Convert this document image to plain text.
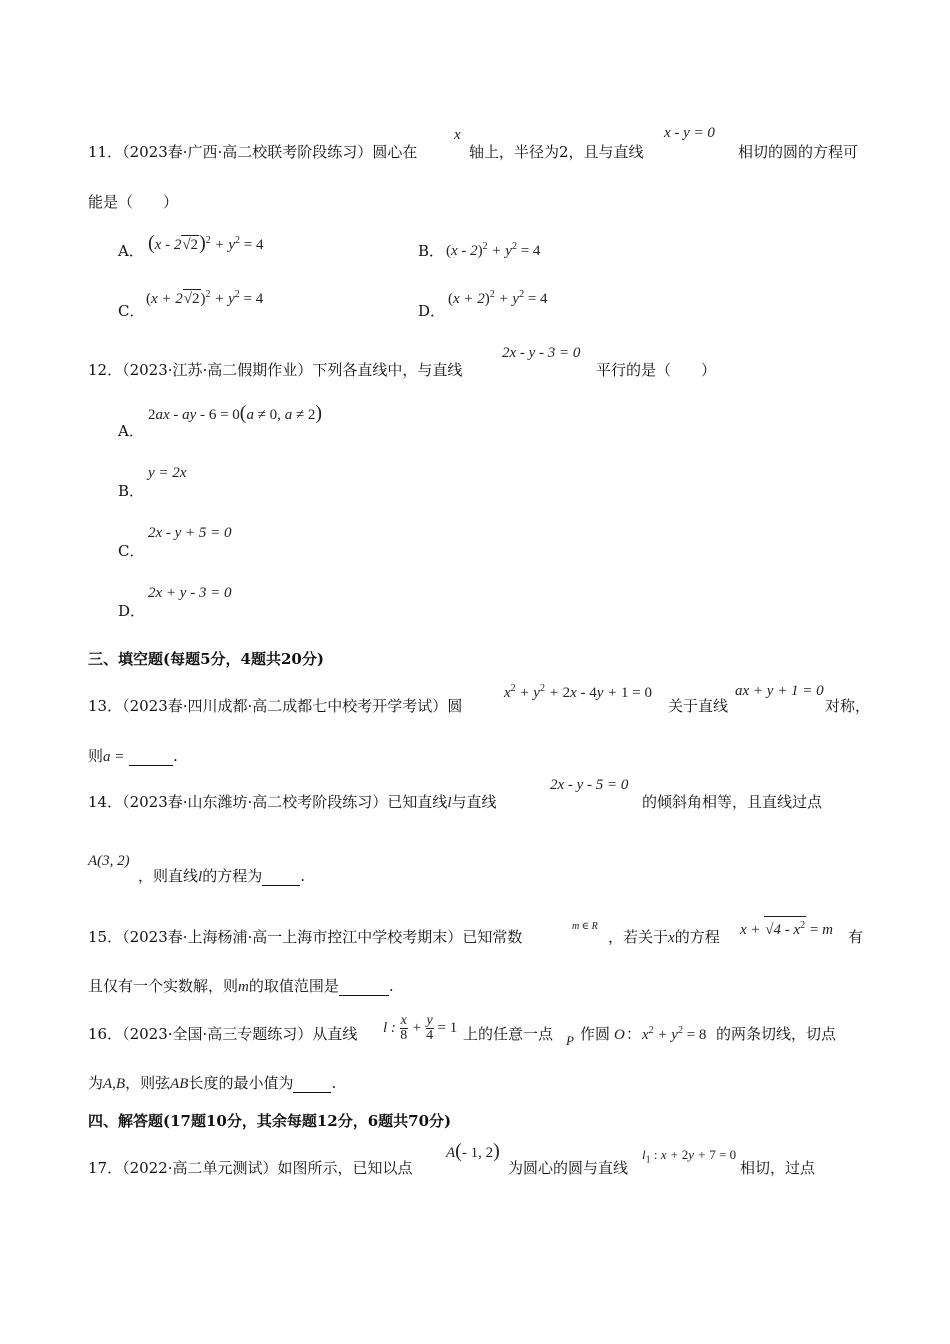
11．（2023春·广西·高二校联考阶段练习）圆心在
x
轴上，半径为2，且与直线
x - y = 0
相切的圆的方程可
能是（　　）
A． $(x - 2√2)^2 + y^2 = 4$	B． $(x - 2)^2 + y^2 = 4$
C．
$(x + 2√2)^2 + y^2 = 4$
D．
$(x + 2)^2 + y^2 = 4$
12．（2023·江苏·高二假期作业）下列各直线中，与直线
2x - y - 3 = 0
平行的是（　　）
A．
2ax - ay - 6 = 0(a ≠ 0, a ≠ 2)
B．
y = 2x
C．
2x - y + 5 = 0
D．
2x + y - 3 = 0
三、填空题(每题5分，4题共20分)
13．（2023春·四川成都·高二成都七中校考开学考试）圆
$x^2 + y^2 + 2x - 4y + 1 = 0$
关于直线
ax + y + 1 = 0
对称，
则a =	.
14．（2023春·山东潍坊·高二校考阶段练习）已知直线l与直线
2x - y - 5 = 0
的倾斜角相等，且直线过点
A(3, 2)
，则直线l的方程为	.
15．（2023春·上海杨浦·高一上海市控江中学校考期末）已知常数
m ∈ R
，若关于x的方程 $x + √4 - x^2 = m$ 有
且仅有一个实数解，则m的取值范围是	.
16．（2023·全国·高三专题练习）从直线 l : $\frac{x}{8} + \frac{y}{4} = 1$ 上的任意一点 P 作圆 O ： $x^2 + y^2 = 8$ 的两条切线，切点
为A,B，则弦AB长度的最小值为	.
四、解答题(17题10分，其余每题12分，6题共70分)
17．（2022·高二单元测试）如图所示，已知以点
A(- 1, 2)
为圆心的圆与直线
$l_1$ : x + 2y + 7 = 0
相切，过点
